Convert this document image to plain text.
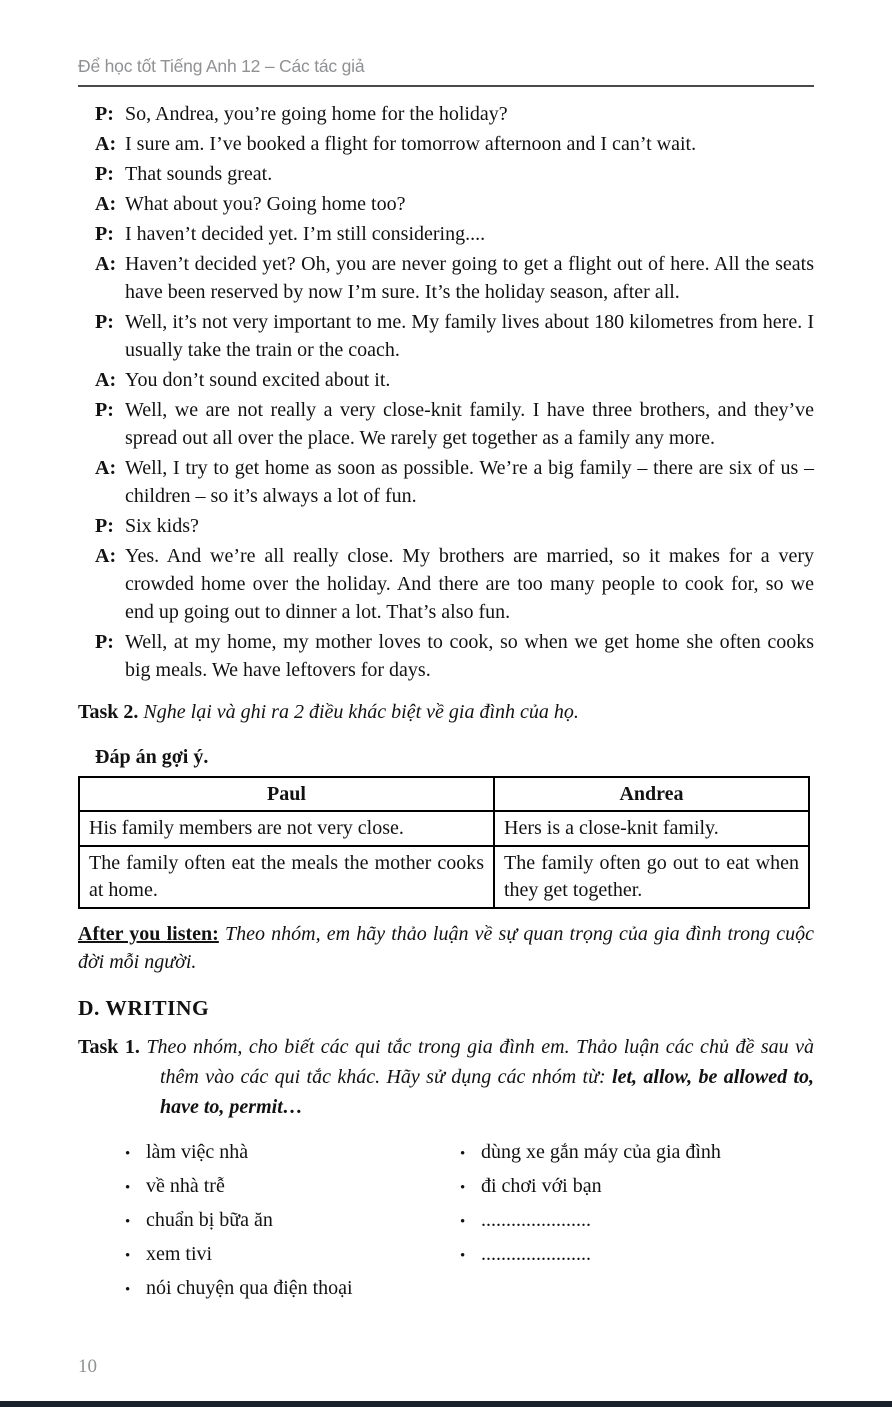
Để học tốt Tiếng Anh 12 – Các tác giả
P: So, Andrea, you’re going home for the holiday?
A: I sure am. I’ve booked a flight for tomorrow afternoon and I can’t wait.
P: That sounds great.
A: What about you? Going home too?
P: I haven’t decided yet. I’m still considering....
A: Haven’t decided yet? Oh, you are never going to get a flight out of here. All the seats have been reserved by now I’m sure. It’s the holiday season, after all.
P: Well, it’s not very important to me. My family lives about 180 kilometres from here. I usually take the train or the coach.
A: You don’t sound excited about it.
P: Well, we are not really a very close-knit family. I have three brothers, and they’ve spread out all over the place. We rarely get together as a family any more.
A: Well, I try to get home as soon as possible. We’re a big family – there are six of us – children – so it’s always a lot of fun.
P: Six kids?
A: Yes. And we’re all really close. My brothers are married, so it makes for a very crowded home over the holiday. And there are too many people to cook for, so we end up going out to dinner a lot. That’s also fun.
P: Well, at my home, my mother loves to cook, so when we get home she often cooks big meals. We have leftovers for days.

Task 2. Nghe lại và ghi ra 2 điều khác biệt về gia đình của họ.

Đáp án gợi ý.
Paul	Andrea
His family members are not very close.	Hers is a close-knit family.
The family often eat the meals the mother cooks at home.	The family often go out to eat when they get together.

After you listen: Theo nhóm, em hãy thảo luận về sự quan trọng của gia đình trong cuộc đời mỗi người.

D. WRITING

Task 1. Theo nhóm, cho biết các qui tắc trong gia đình em. Thảo luận các chủ đề sau và thêm vào các qui tắc khác. Hãy sử dụng các nhóm từ: let, allow, be allowed to, have to, permit…

• làm việc nhà
• về nhà trễ
• chuẩn bị bữa ăn
• xem tivi
• nói chuyện qua điện thoại
• dùng xe gắn máy của gia đình
• đi chơi với bạn
• ......................
• ......................
10
